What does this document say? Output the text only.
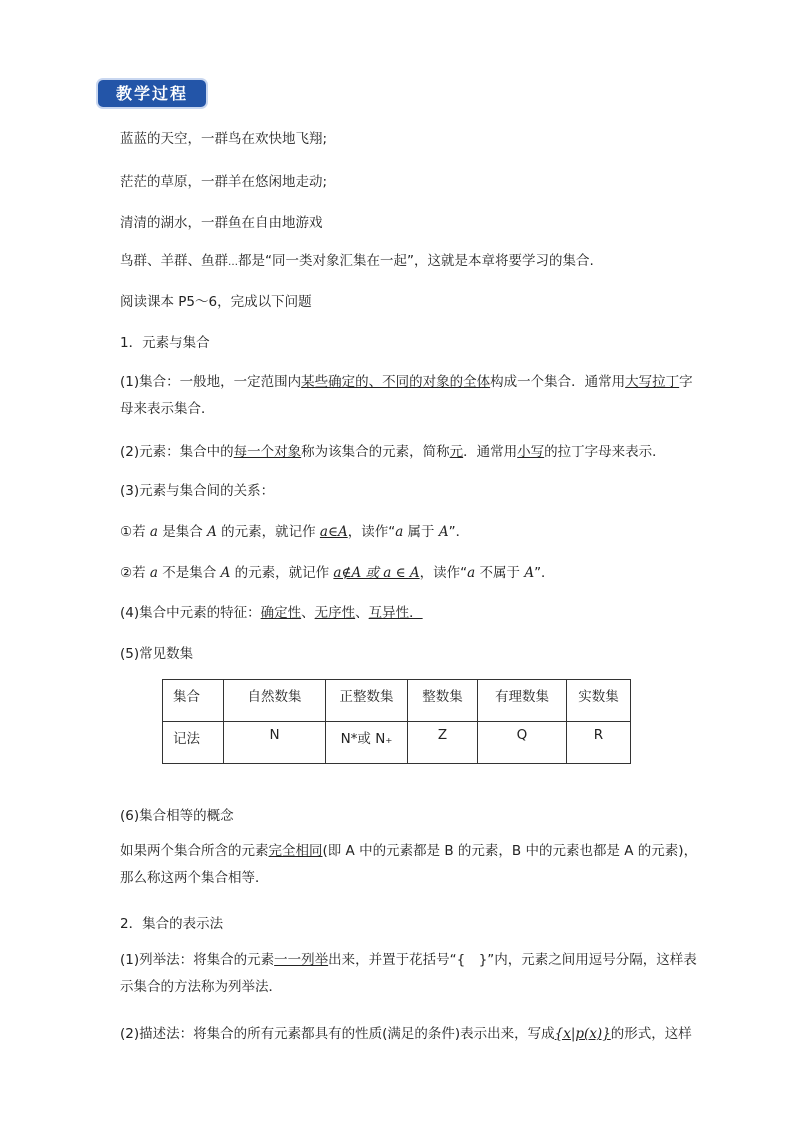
教学过程
蓝蓝的天空，一群鸟在欢快地飞翔;
茫茫的草原，一群羊在悠闲地走动;
清清的湖水，一群鱼在自由地游戏
鸟群、羊群、鱼群…都是“同一类对象汇集在一起”，这就是本章将要学习的集合.
阅读课本 P5～6，完成以下问题
1．元素与集合
(1)集合：一般地，一定范围内某些确定的、不同的对象的全体构成一个集合．通常用大写拉丁字母来表示集合．
(2)元素：集合中的每一个对象称为该集合的元素，简称元．通常用小写的拉丁字母来表示．
(3)元素与集合间的关系：
①若 a 是集合 A 的元素，就记作 a∈A，读作“a 属于 A”．
②若 a 不是集合 A 的元素，就记作 a∉A 或 a ∈ A，读作“a 不属于 A”．
(4)集合中元素的特征：确定性、无序性、互异性．
(5)常见数集
集合	自然数集	正整数集	整数集	有理数集	实数集
记法	N	N*或 N₊	Z	Q	R
(6)集合相等的概念
如果两个集合所含的元素完全相同(即 A 中的元素都是 B 的元素，B 中的元素也都是 A 的元素)，那么称这两个集合相等．
2．集合的表示法
(1)列举法：将集合的元素一一列举出来，并置于花括号“{　}”内，元素之间用逗号分隔，这样表示集合的方法称为列举法．
(2)描述法：将集合的所有元素都具有的性质(满足的条件)表示出来，写成{x|p(x)}的形式，这样
